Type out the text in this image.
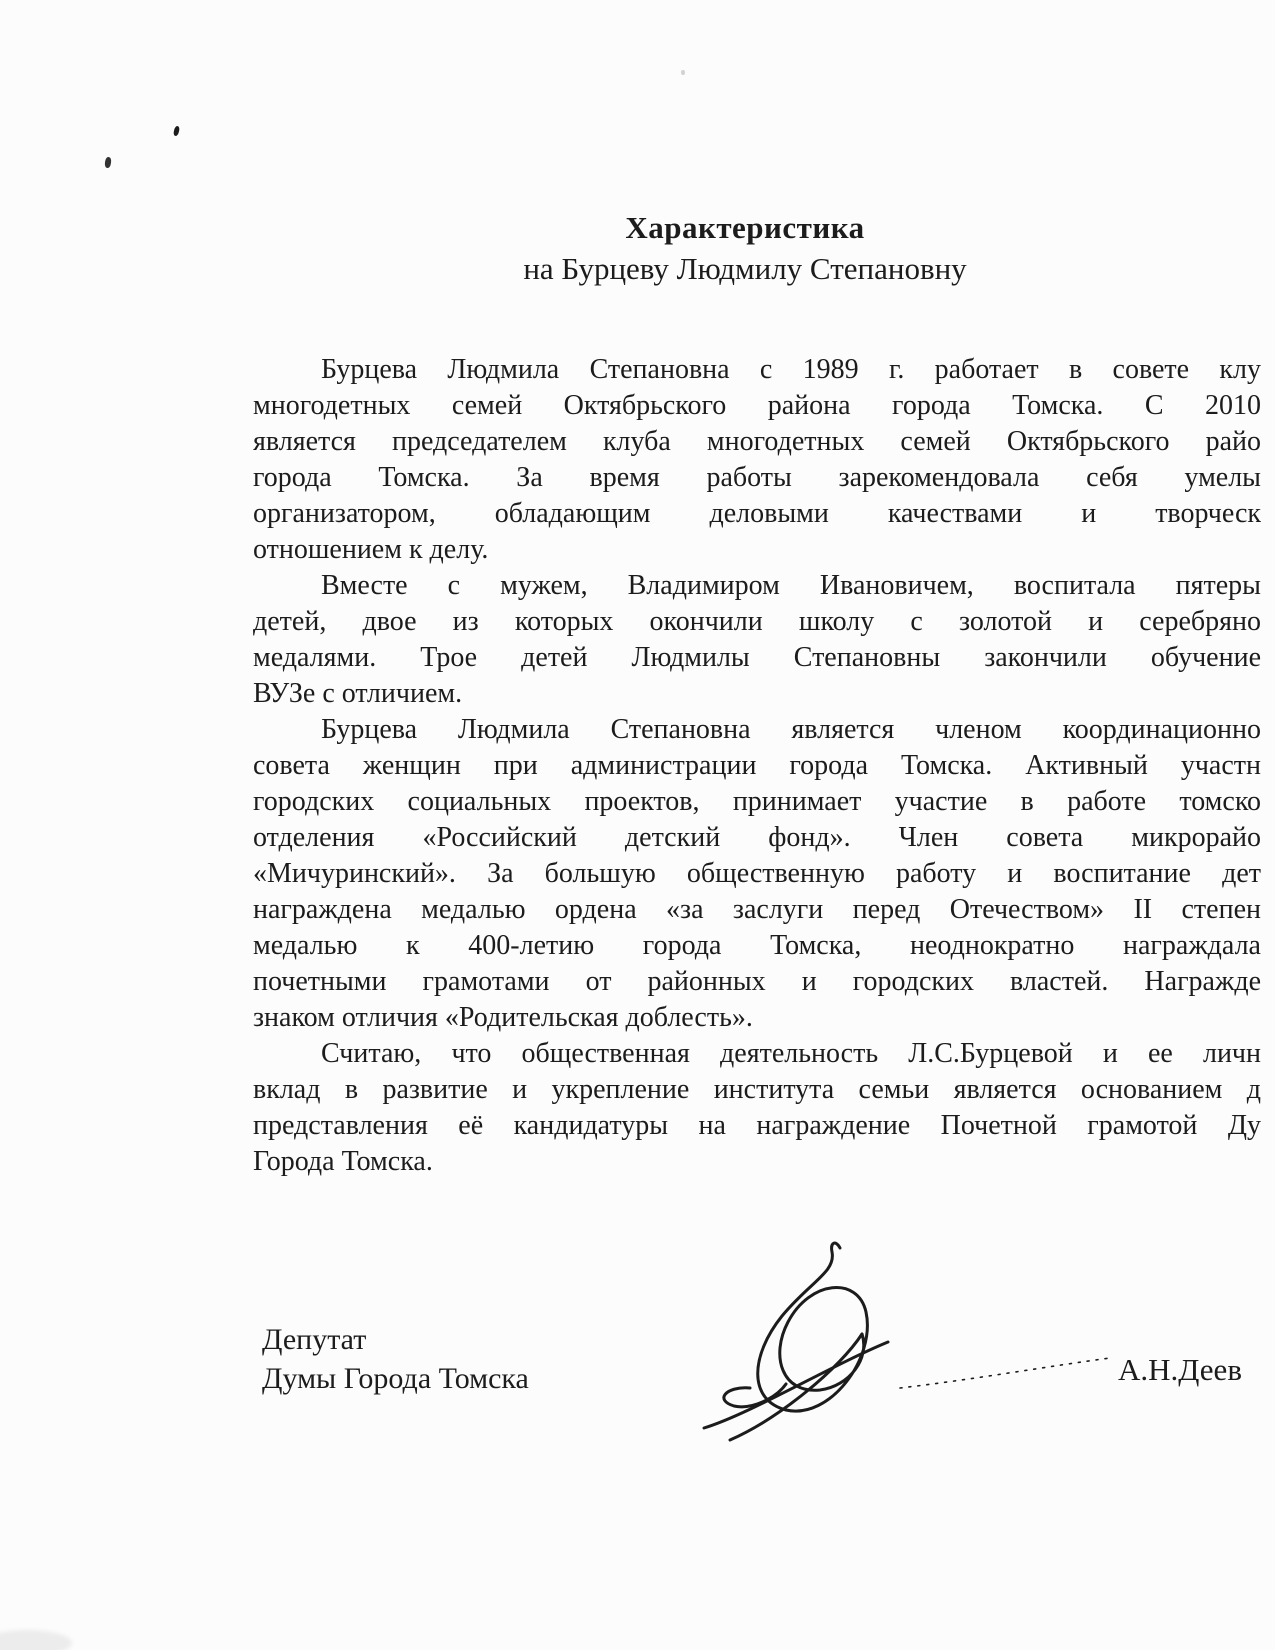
Характеристика
на Бурцеву Людмилу Степановну
Бурцева Людмила Степановна с 1989 г. работает в совете клу
многодетных семей Октябрьского района города Томска. С 2010
является председателем клуба многодетных семей Октябрьского райо
города Томска. За время работы зарекомендовала себя умелы
организатором, обладающим деловыми качествами и творческ
отношением к делу.
Вместе с мужем, Владимиром Ивановичем, воспитала пятеры
детей, двое из которых окончили школу с золотой и серебряно
медалями. Трое детей Людмилы Степановны закончили обучение
ВУЗе с отличием.
Бурцева Людмила Степановна является членом координационно
совета женщин при администрации города Томска. Активный участн
городских социальных проектов, принимает участие в работе томско
отделения «Российский детский фонд». Член совета микрорайо
«Мичуринский». За большую общественную работу и воспитание дет
награждена медалью ордена «за заслуги перед Отечеством» II степен
медалью к 400-летию города Томска, неоднократно награждала
почетными грамотами от районных и городских властей. Награжде
знаком отличия «Родительская доблесть».
Считаю, что общественная деятельность Л.С.Бурцевой и ее личн
вклад в развитие и укрепление института семьи является основанием д
представления её кандидатуры на награждение Почетной грамотой Ду
Города Томска.
Депутат
Думы Города Томска	А.Н.Деев
